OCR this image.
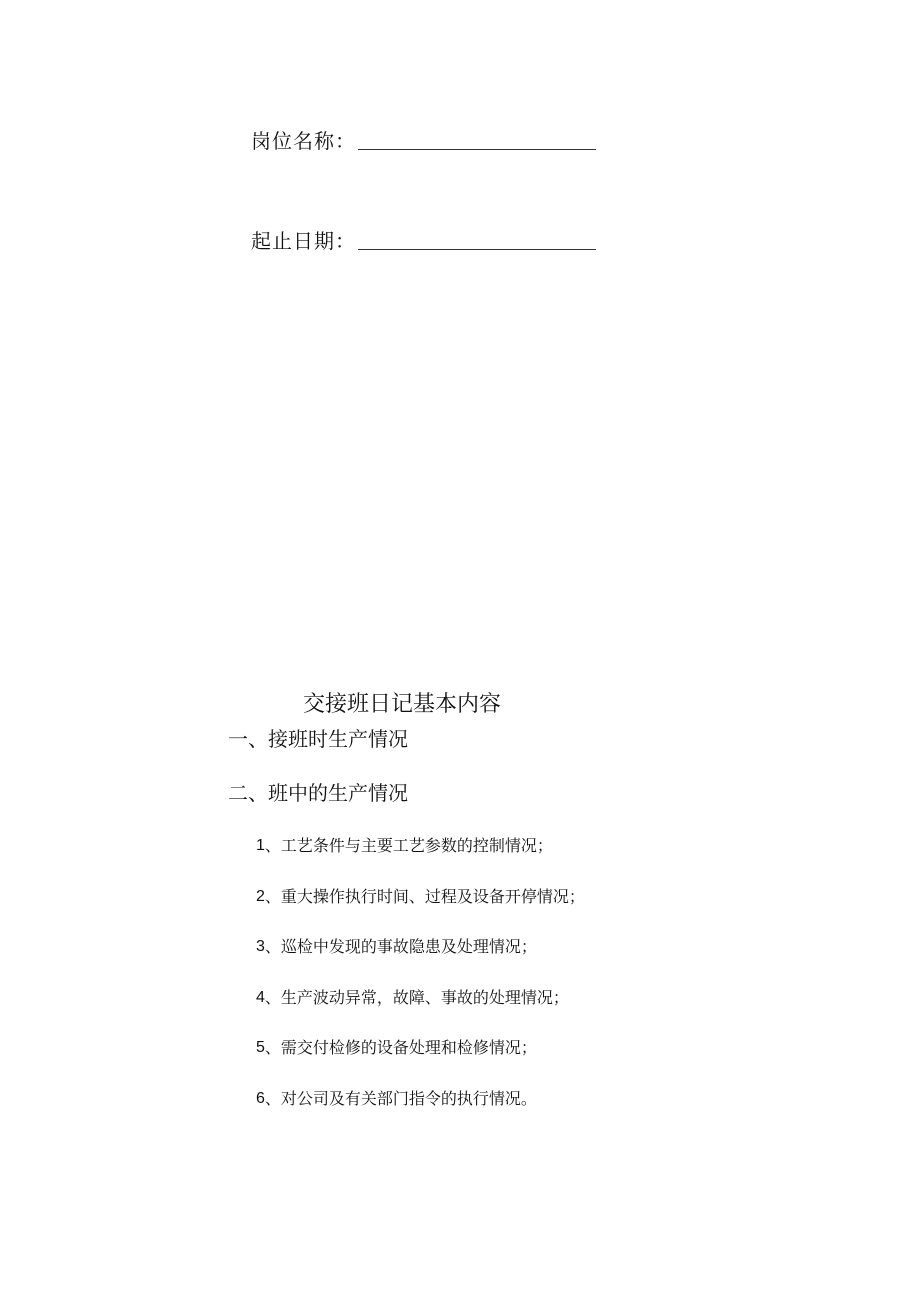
岗位名称：
起止日期：
交接班日记基本内容
一、接班时生产情况
二、班中的生产情况
1 、工艺条件与主要工艺参数的控制情况；
2 、重大操作执行时间、过程及设备开停情况；
3 、巡检中发现的事故隐患及处理情况；
4 、生产波动异常，故障、事故的处理情况；
5 、需交付检修的设备处理和检修情况；
6 、对公司及有关部门指令的执行情况。
